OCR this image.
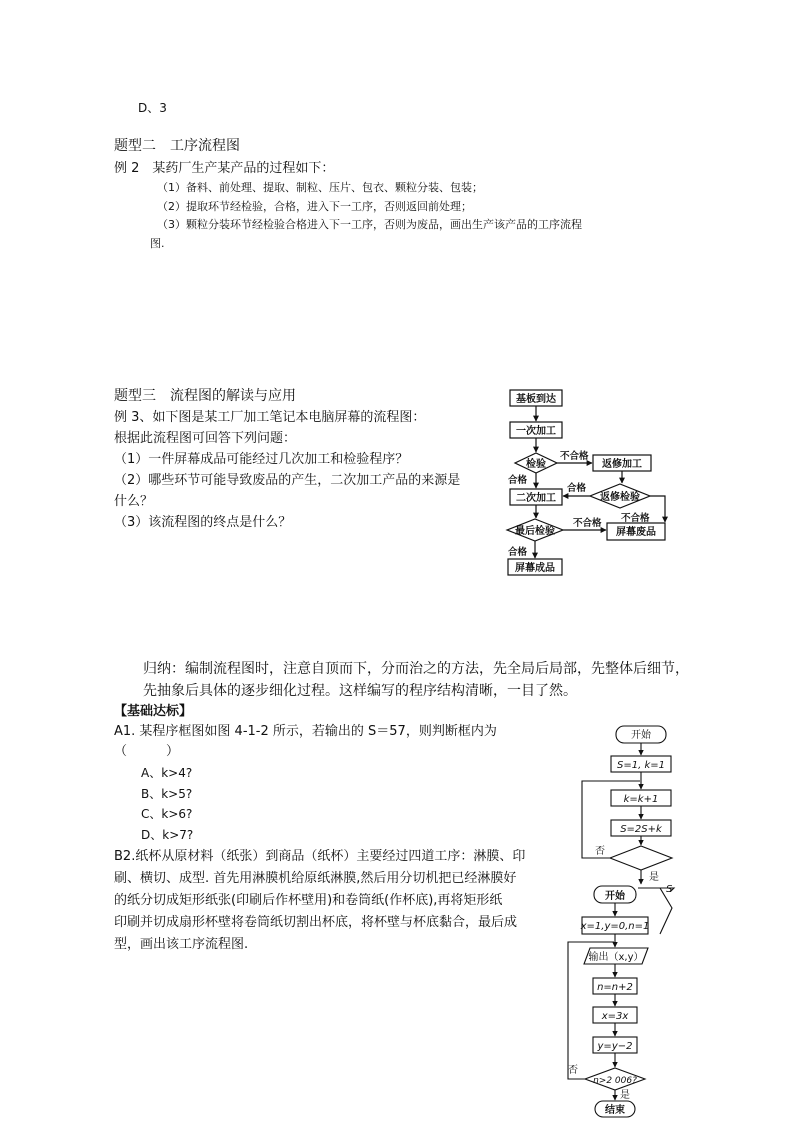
D、3
题型二　工序流程图
例 2　某药厂生产某产品的过程如下：
（1）备料、前处理、提取、制粒、压片、包衣、颗粒分装、包装；
（2）提取环节经检验，合格，进入下一工序，否则返回前处理；
（3）颗粒分装环节经检验合格进入下一工序，否则为废品，画出生产该产品的工序流程
图.
题型三　流程图的解读与应用
例 3、如下图是某工厂加工笔记本电脑屏幕的流程图：
根据此流程图可回答下列问题：
（1）一件屏幕成品可能经过几次加工和检验程序？
（2）哪些环节可能导致废品的产生，二次加工产品的来源是
什么？
（3）该流程图的终点是什么？
基板到达
一次加工
检验	返修加工
二次加工	返修检验
最后检验	屏幕废品
屏幕成品
不合格
合格
合格
不合格
不合格
合格
归纳：编制流程图时，注意自顶而下，分而治之的方法，先全局后局部，先整体后细节，
先抽象后具体的逐步细化过程。这样编写的程序结构清晰，一目了然。
【基础达标】
A1. 某程序框图如图 4-1-2 所示，若输出的 S＝57，则判断框内为
（　　　）
A、k>4?
B、k>5?
C、k>6?
D、k>7?
B2.纸杯从原材料（纸张）到商品（纸杯）主要经过四道工序：淋膜、印
刷、横切、成型. 首先用淋膜机给原纸淋膜,然后用分切机把已经淋膜好
的纸分切成矩形纸张(印刷后作杯壁用)和卷筒纸(作杯底),再将矩形纸
印刷并切成扇形杯壁将卷筒纸切割出杯底，将杯壁与杯底黏合，最后成
型，画出该工序流程图.
开始
S=1, k=1
k=k+1
S=2S+k
否
是
S
开始
x=1,y=0,n=1
输出（x,y）
n=n+2
x=3x
y=y−2
n>2 006?
结束
否
是
